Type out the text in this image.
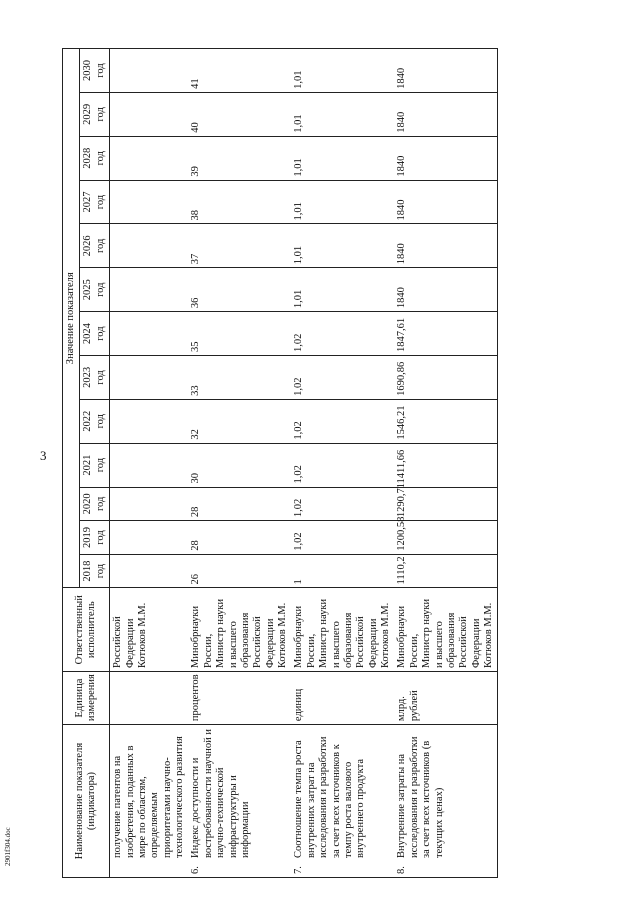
3
2901f304.doc	Наименование показателя (индикатора)	Единица измерения	Ответственный исполнитель	Значение показателя												
			2018 год	2019 год	2020 год	2021 год	2022 год	2023 год	2024 год	2025 год	2026 год	2027 год	2028 год	2029 год	2030 год

получение патентов на изобретения, поданных в мире по областям, определяемым приоритетами научно-технологического развития		Российской Федерации Котюков М.М.													

6.
Индекс доступности и востребованности научной и научно-технической инфраструктуры и информации	процентов	Минобрнауки России, Министр науки и высшего образования Российской Федерации Котюков М.М.	26	28	28	30	32	33	35	36	37	38	39	40	41

7.
Соотношение темпа роста внутренних затрат на исследования и разработки за счет всех источников к темпу роста валового внутреннего продукта	единиц	Минобрнауки России, Министр науки и высшего образования Российской Федерации Котюков М.М.	1	1,02	1,02	1,02	1,02	1,02	1,02	1,01	1,01	1,01	1,01	1,01	1,01

8.
Внутренние затраты на исследования и разработки за счет всех источников (в текущих ценах)	млрд. рублей	Минобрнауки России, Министр науки и высшего образования Российской Федерации Котюков М.М.	1110,2	1200,58	1290,71	1411,66	1546,21	1690,86	1847,61	1840	1840	1840	1840	1840	1840
